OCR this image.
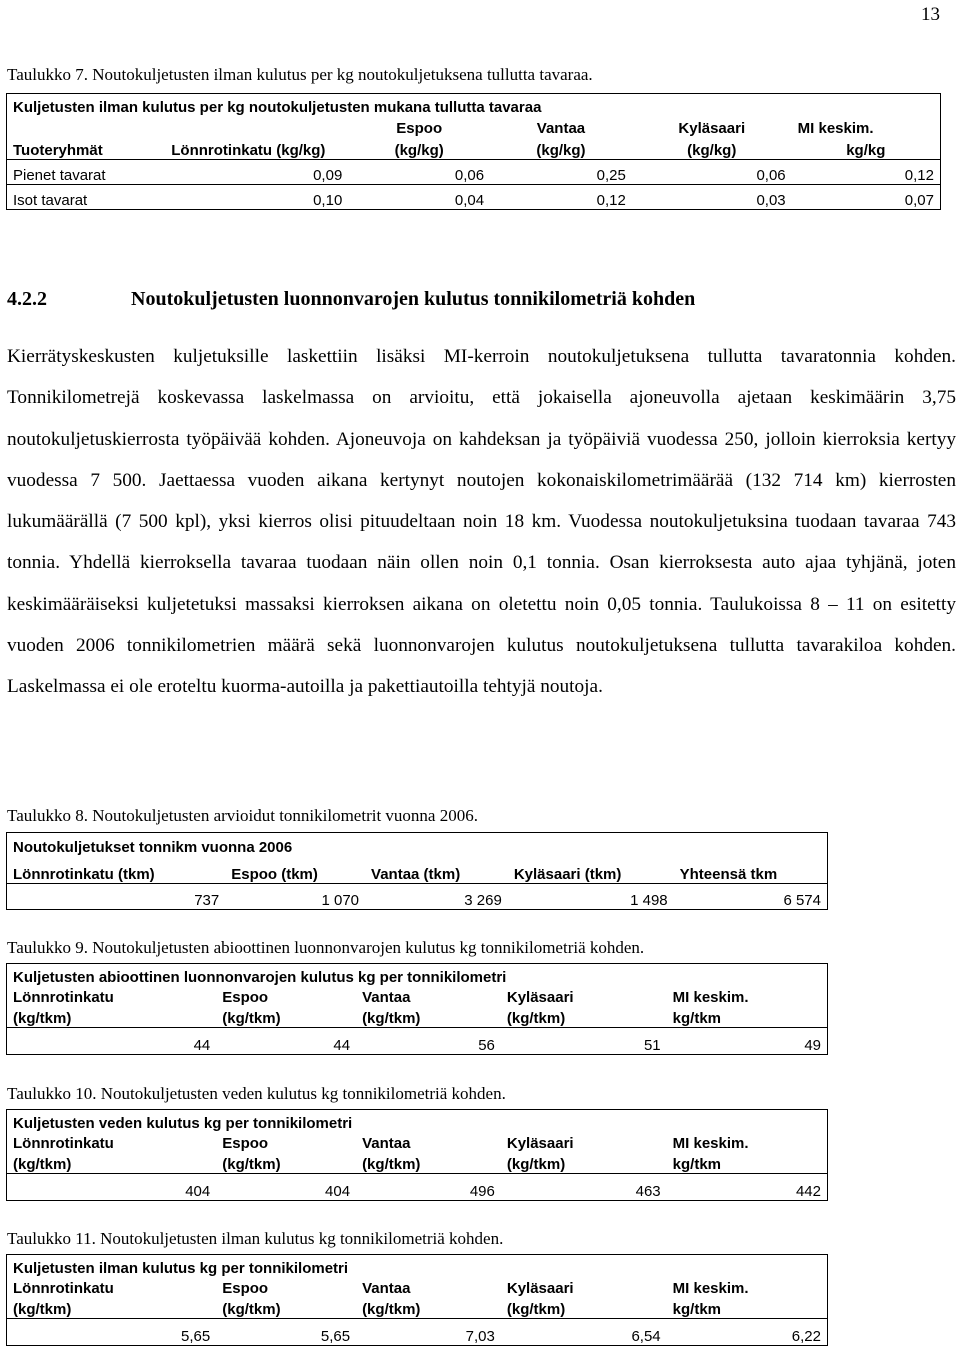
13
Taulukko 7. Noutokuljetusten ilman kulutus per kg noutokuljetuksena tullutta tavaraa.
Kuljetusten ilman kulutus per kg noutokuljetusten mukana tullutta tavaraa					
		Espoo	Vantaa	Kyläsaari	MI keskim.
Tuoteryhmät	Lönnrotinkatu (kg/kg)	(kg/kg)	(kg/kg)	(kg/kg)	kg/kg
Pienet tavarat	0,09	0,06	0,25	0,06	0,12
Isot tavarat	0,10	0,04	0,12	0,03	0,07
4.2.2	Noutokuljetusten luonnonvarojen kulutus tonnikilometriä kohden
Kierrätyskeskusten kuljetuksille laskettiin lisäksi MI-kerroin noutokuljetuksena tullutta tavaratonnia kohden. Tonnikilometrejä koskevassa laskelmassa on arvioitu, että jokaisella ajoneuvolla ajetaan keskimäärin 3,75 noutokuljetuskierrosta työpäivää kohden. Ajoneuvoja on kahdeksan ja työpäiviä vuodessa 250, jolloin kierroksia kertyy vuodessa 7 500. Jaettaessa vuoden aikana kertynyt noutojen kokonaiskilometrimäärää (132 714 km) kierrosten lukumäärällä (7 500 kpl), yksi kierros olisi pituudeltaan noin 18 km. Vuodessa noutokuljetuksina tuodaan tavaraa 743 tonnia. Yhdellä kierroksella tavaraa tuodaan näin ollen noin 0,1 tonnia. Osan kierroksesta auto ajaa tyhjänä, joten keskimääräiseksi kuljetetuksi massaksi kierroksen aikana on oletettu noin 0,05 tonnia. Taulukoissa 8 – 11 on esitetty vuoden 2006 tonnikilometrien määrä sekä luonnonvarojen kulutus noutokuljetuksena tullutta tavarakiloa kohden. Laskelmassa ei ole eroteltu kuorma-autoilla ja pakettiautoilla tehtyjä noutoja.
Taulukko 8. Noutokuljetusten arvioidut tonnikilometrit vuonna 2006.
Noutokuljetukset tonnikm vuonna 2006				
Lönnrotinkatu (tkm)	Espoo (tkm)	Vantaa (tkm)	Kyläsaari (tkm)	Yhteensä tkm
737	1 070	3 269	1 498	6 574
Taulukko 9. Noutokuljetusten abioottinen luonnonvarojen kulutus kg tonnikilometriä kohden.
Kuljetusten abioottinen luonnonvarojen kulutus kg per tonnikilometri				
Lönnrotinkatu	Espoo	Vantaa	Kyläsaari	MI keskim.
(kg/tkm)	(kg/tkm)	(kg/tkm)	(kg/tkm)	kg/tkm
44	44	56	51	49
Taulukko 10. Noutokuljetusten veden kulutus kg tonnikilometriä kohden.
Kuljetusten veden kulutus kg per tonnikilometri				
Lönnrotinkatu	Espoo	Vantaa	Kyläsaari	MI keskim.
(kg/tkm)	(kg/tkm)	(kg/tkm)	(kg/tkm)	kg/tkm
404	404	496	463	442
Taulukko 11. Noutokuljetusten ilman kulutus kg tonnikilometriä kohden.
Kuljetusten ilman kulutus kg per tonnikilometri				
Lönnrotinkatu	Espoo	Vantaa	Kyläsaari	MI keskim.
(kg/tkm)	(kg/tkm)	(kg/tkm)	(kg/tkm)	kg/tkm
5,65	5,65	7,03	6,54	6,22
